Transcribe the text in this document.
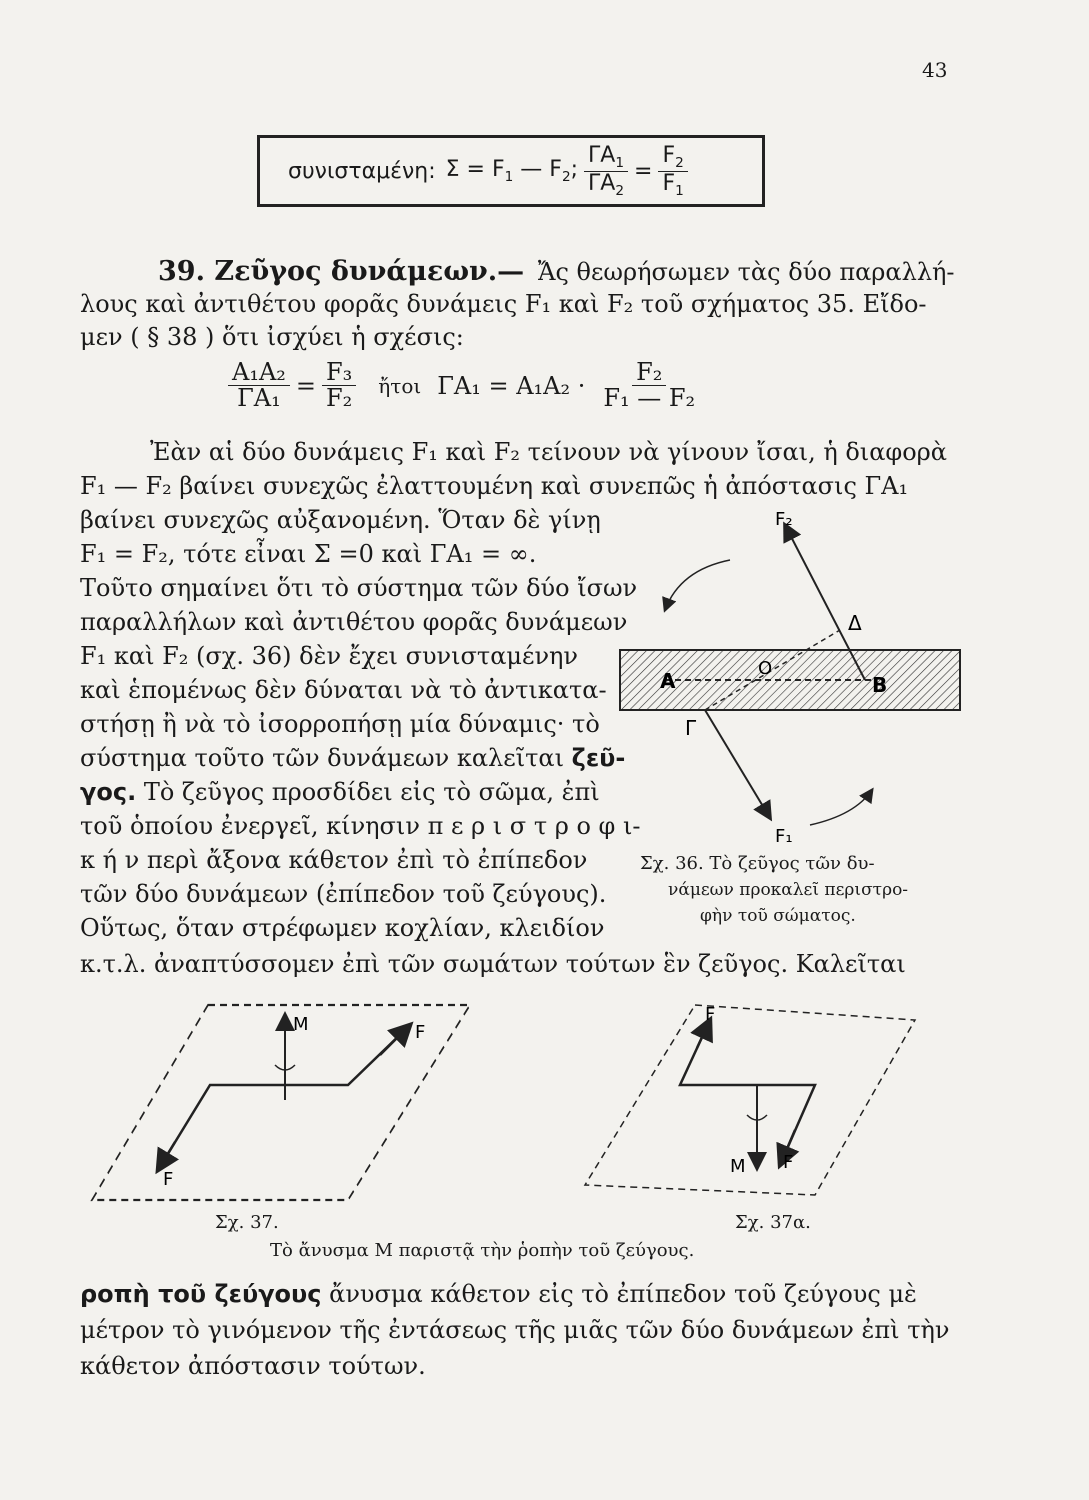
43
συνισταμένη: $\Sigma = F_1$ — $F_2$; $\frac{\Gamma A_1}{\Gamma A_2} = \frac{F_2}{F_1}$
39. Ζεῦγος δυνάμεων.— Ἄς θεωρήσωμεν τὰς δύο παραλλή-
λους καὶ ἀντιθέτου φορᾶς δυνάμεις F₁ καὶ F₂ τοῦ σχήματος 35. Εἴδο-
μεν ( § 38 ) ὅτι ἰσχύει ἡ σχέσις:
$\frac{\text{A₁A₂}}{\text{ΓA₁}} = \frac{\text{F₃}}{\text{F₂}}$ ἤτοι $\Gamma A_1 = A_1A_2 \cdot \frac{\text{F₂}}{\text{F₁ — F₂}}$
Ἐὰν αἱ δύο δυνάμεις F₁ καὶ F₂ τείνουν νὰ γίνουν ἴσαι, ἡ διαφορὰ
F₁ — F₂ βαίνει συνεχῶς ἐλαττουμένη καὶ συνεπῶς ἡ ἀπόστασις ΓA₁
βαίνει συνεχῶς αὐξανομένη. Ὅταν δὲ γίνῃ
F₁ = F₂, τότε εἶναι Σ =0 καὶ ΓA₁ = ∞.
Τοῦτο σημαίνει ὅτι τὸ σύστημα τῶν δύο ἴσων
παραλλήλων καὶ ἀντιθέτου φορᾶς δυνάμεων
F₁ καὶ F₂ (σχ. 36) δὲν ἔχει συνισταμένην
καὶ ἑπομένως δὲν δύναται νὰ τὸ ἀντικατα-
στήσῃ ἢ νὰ τὸ ἰσορροπήσῃ μία δύναμις· τὸ
σύστημα τοῦτο τῶν δυνάμεων καλεῖται ζεῦ-
γος. Τὸ ζεῦγος προσδίδει εἰς τὸ σῶμα, ἐπὶ
τοῦ ὁποίου ἐνεργεῖ, κίνησιν π ε ρ ι σ τ ρ ο φ ι-
κ ή ν περὶ ἄξονα κάθετον ἐπὶ τὸ ἐπίπεδον
τῶν δύο δυνάμεων (ἐπίπεδον τοῦ ζεύγους).
Οὕτως, ὅταν στρέφωμεν κοχλίαν, κλειδίον
κ.τ.λ. ἀναπτύσσομεν ἐπὶ τῶν σωμάτων τούτων ἓν ζεῦγος. Καλεῖται
F₂
Δ
A
O
B
Γ
F₁
Σχ. 36. Τὸ ζεῦγος τῶν δυ-
νάμεων προκαλεῖ περιστρο-
φὴν τοῦ σώματος.
M	F
F
Σχ. 37.
F
M F
Σχ. 37α.
Τὸ ἄνυσμα M παριστᾷ τὴν ῥοπὴν τοῦ ζεύγους.
ροπὴ τοῦ ζεύγους ἄνυσμα κάθετον εἰς τὸ ἐπίπεδον τοῦ ζεύγους μὲ
μέτρον τὸ γινόμενον τῆς ἐντάσεως τῆς μιᾶς τῶν δύο δυνάμεων ἐπὶ τὴν
κάθετον ἀπόστασιν τούτων.
